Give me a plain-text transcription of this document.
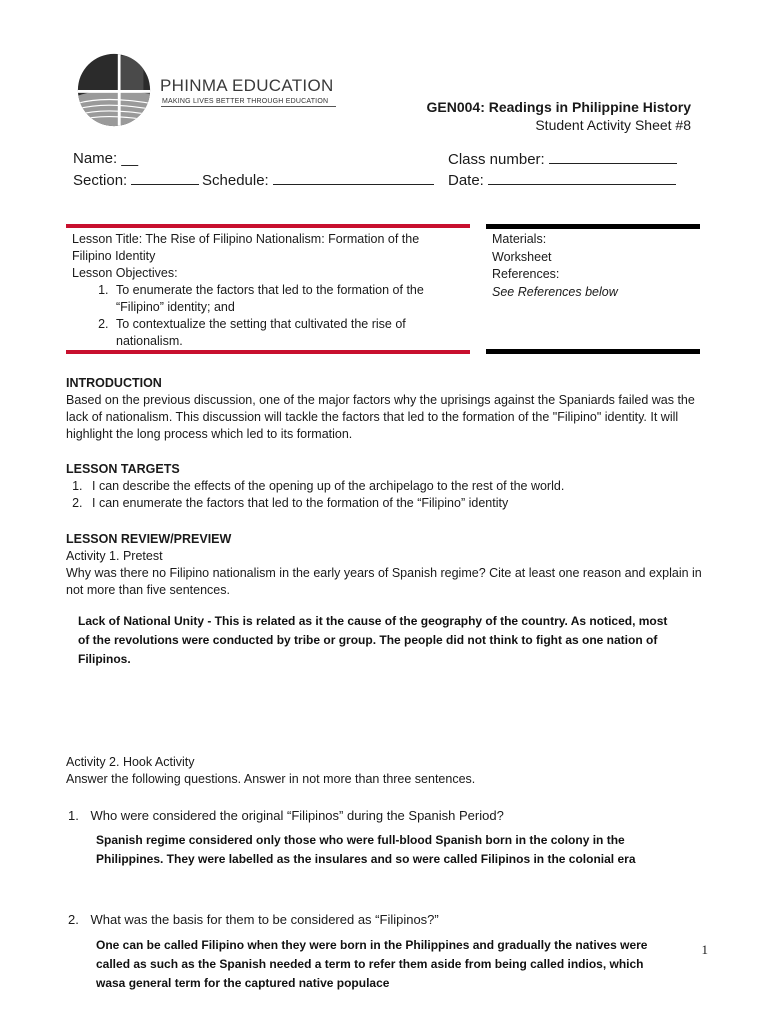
PHINMA EDUCATION
MAKING LIVES BETTER THROUGH EDUCATION	GEN004: Readings in Philippine History
Student Activity Sheet #8
Name: __
Section:	Schedule:
Class number:
Date:
Lesson Title: The Rise of Filipino Nationalism: Formation of the
Filipino Identity
Lesson Objectives:
1. To enumerate the factors that led to the formation of the “Filipino” identity; and
2. To contextualize the setting that cultivated the rise of nationalism.
Materials:
Worksheet
References:
See References below
INTRODUCTION
Based on the previous discussion, one of the major factors why the uprisings against the Spaniards failed was the lack of nationalism. This discussion will tackle the factors that led to the formation of the "Filipino" identity. It will highlight the long process which led to its formation.
LESSON TARGETS
1. I can describe the effects of the opening up of the archipelago to the rest of the world.
2. I can enumerate the factors that led to the formation of the “Filipino” identity
LESSON REVIEW/PREVIEW
Activity 1. Pretest
Why was there no Filipino nationalism in the early years of Spanish regime? Cite at least one reason and explain in not more than five sentences.
Lack of National Unity - This is related as it the cause of the geography of the country. As noticed, most of the revolutions were conducted by tribe or group. The people did not think to fight as one nation of Filipinos.
Activity 2. Hook Activity
Answer the following questions. Answer in not more than three sentences.
1. Who were considered the original “Filipinos” during the Spanish Period?
Spanish regime considered only those who were full-blood Spanish born in the colony in the Philippines. They were labelled as the insulares and so were called Filipinos in the colonial era
2. What was the basis for them to be considered as “Filipinos?”
One can be called Filipino when they were born in the Philippines and gradually the natives were called as such as the Spanish needed a term to refer them aside from being called indios, which wasa general term for the captured native populace
1
